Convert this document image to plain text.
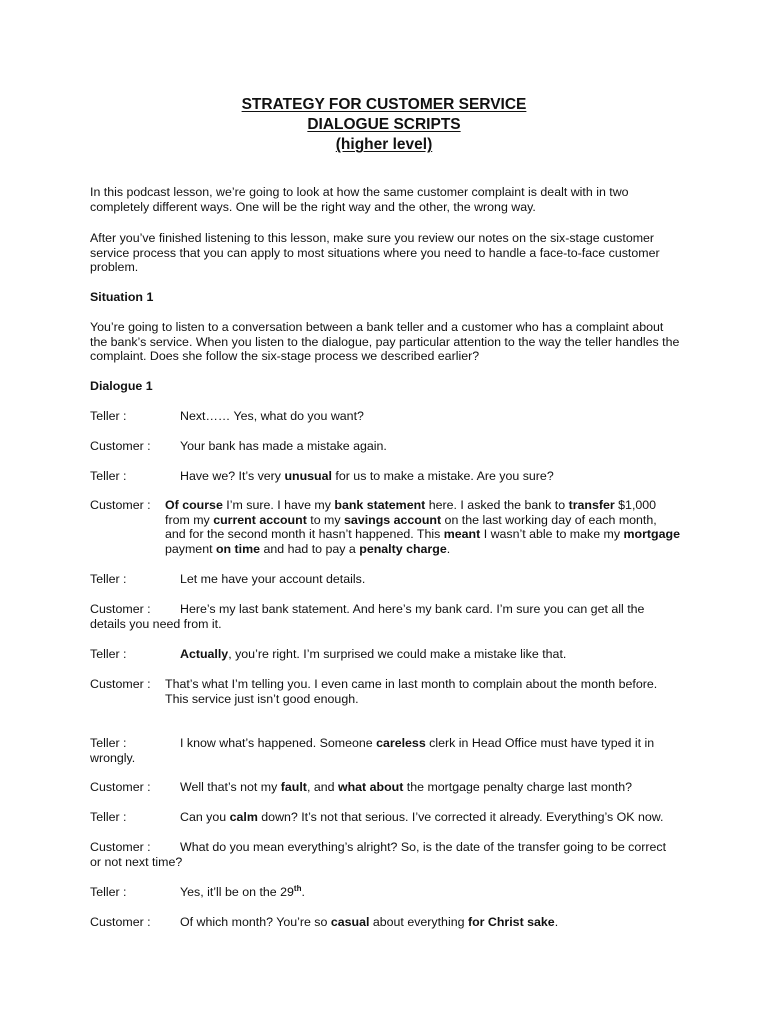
STRATEGY FOR CUSTOMER SERVICE
DIALOGUE SCRIPTS
(higher level)
In this podcast lesson, we’re going to look at how the same customer complaint is dealt with in two completely different ways. One will be the right way and the other, the wrong way.
After you’ve finished listening to this lesson, make sure you review our notes on the six-stage customer service process that you can apply to most situations where you need to handle a face-to-face customer problem.
Situation 1
You’re going to listen to a conversation between a bank teller and a customer who has a complaint about the bank’s service. When you listen to the dialogue, pay particular attention to the way the teller handles the complaint. Does she follow the six-stage process we described earlier?
Dialogue 1
Teller :	Next…… Yes, what do you want?
Customer : Your bank has made a mistake again.
Teller :	Have we? It’s very unusual for us to make a mistake. Are you sure?
Customer : Of course I’m sure. I have my bank statement here. I asked the bank to transfer $1,000 from my current account to my savings account on the last working day of each month, and for the second month it hasn’t happened. This meant I wasn’t able to make my mortgage payment on time and had to pay a penalty charge.
Teller :	Let me have your account details.
Customer : Here’s my last bank statement. And here’s my bank card. I’m sure you can get all the
details you need from it.
Teller :	Actually, you’re right. I’m surprised we could make a mistake like that.
Customer : That’s what I’m telling you. I even came in last month to complain about the month before. This service just isn’t good enough.
Teller :	I know what’s happened. Someone careless clerk in Head Office must have typed it in
wrongly.
Customer : Well that’s not my fault, and what about the mortgage penalty charge last month?
Teller :	Can you calm down? It’s not that serious. I’ve corrected it already. Everything’s OK now.
Customer : What do you mean everything’s alright? So, is the date of the transfer going to be correct
or not next time?
Teller :	Yes, it’ll be on the 29th.
Customer : Of which month? You’re so casual about everything for Christ sake.
